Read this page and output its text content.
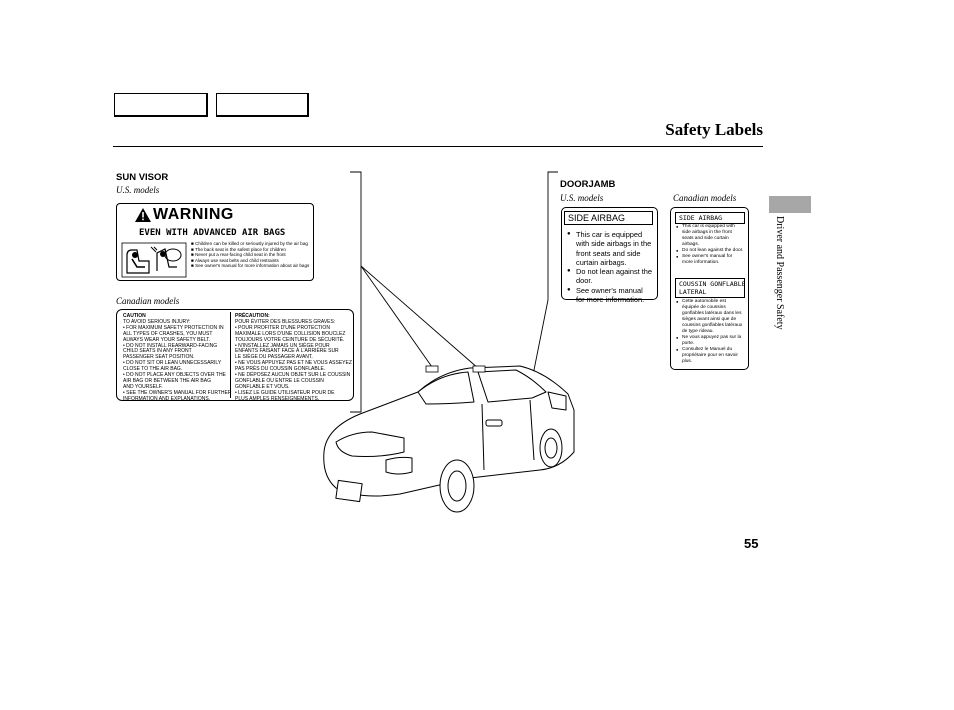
Safety Labels
Driver and Passenger Safety
SUN VISOR
U.S. models
WARNING
EVEN WITH ADVANCED AIR BAGS
■ Children can be killed or seriously injured by the air bag
■ The back seat is the safest place for children
■ Never put a rear-facing child seat in the front
■ Always use seat belts and child restraints
■ See owner's manual for more information about air bags
Canadian models
CAUTION
TO AVOID SERIOUS INJURY:
• FOR MAXIMUM SAFETY PROTECTION IN
ALL TYPES OF CRASHES, YOU MUST
ALWAYS WEAR YOUR SAFETY BELT.
• DO NOT INSTALL REARWARD-FACING
CHILD SEATS IN ANY FRONT
PASSENGER SEAT POSITION.
• DO NOT SIT OR LEAN UNNECESSARILY
CLOSE TO THE AIR BAG.
• DO NOT PLACE ANY OBJECTS OVER THE
AIR BAG OR BETWEEN THE AIR BAG
AND YOURSELF.
• SEE THE OWNER'S MANUAL FOR FURTHER
INFORMATION AND EXPLANATIONS.
PRÉCAUTION:
POUR ÉVITER DES BLESSURES GRAVES:
• POUR PROFITER D'UNE PROTECTION
MAXIMALE LORS D'UNE COLLISION BOUCLEZ
TOUJOURS VOTRE CEINTURE DE SÉCURITÉ.
• N'INSTALLEZ JAMAIS UN SIÈGE POUR
ENFANTS FAISANT FACE À L'ARRIÈRE SUR
LE SIÈGE DU PASSAGER AVANT.
• NE VOUS APPUYEZ PAS ET NE VOUS ASSEYEZ
PAS PRÈS DU COUSSIN GONFLABLE.
• NE DÉPOSEZ AUCUN OBJET SUR LE COUSSIN
GONFLABLE OU ENTRE LE COUSSIN
GONFLABLE ET VOUS.
• LISEZ LE GUIDE UTILISATEUR POUR DE
PLUS AMPLES RENSEIGNEMENTS.
DOORJAMB
U.S. models	Canadian models
SIDE AIRBAG
● This car is equipped with side airbags in the front seats and side curtain airbags.
● Do not lean against the door.
● See owner's manual for more information.
SIDE AIRBAG
● This car is equipped with side airbags in the front seats and side curtain airbags.
● Do not lean against the door.
● See owner's manual for more information.
COUSSIN GONFLABLE
LATERAL
● Cette automobile est équipée de coussins gonflables latéraux dans les sièges avant ainsi que de coussins gonflables latéraux de type rideau.
● Ne vous appuyez pas sur la porte.
● Consultez le Manuel du propriétaire pour en savoir plus.
55
